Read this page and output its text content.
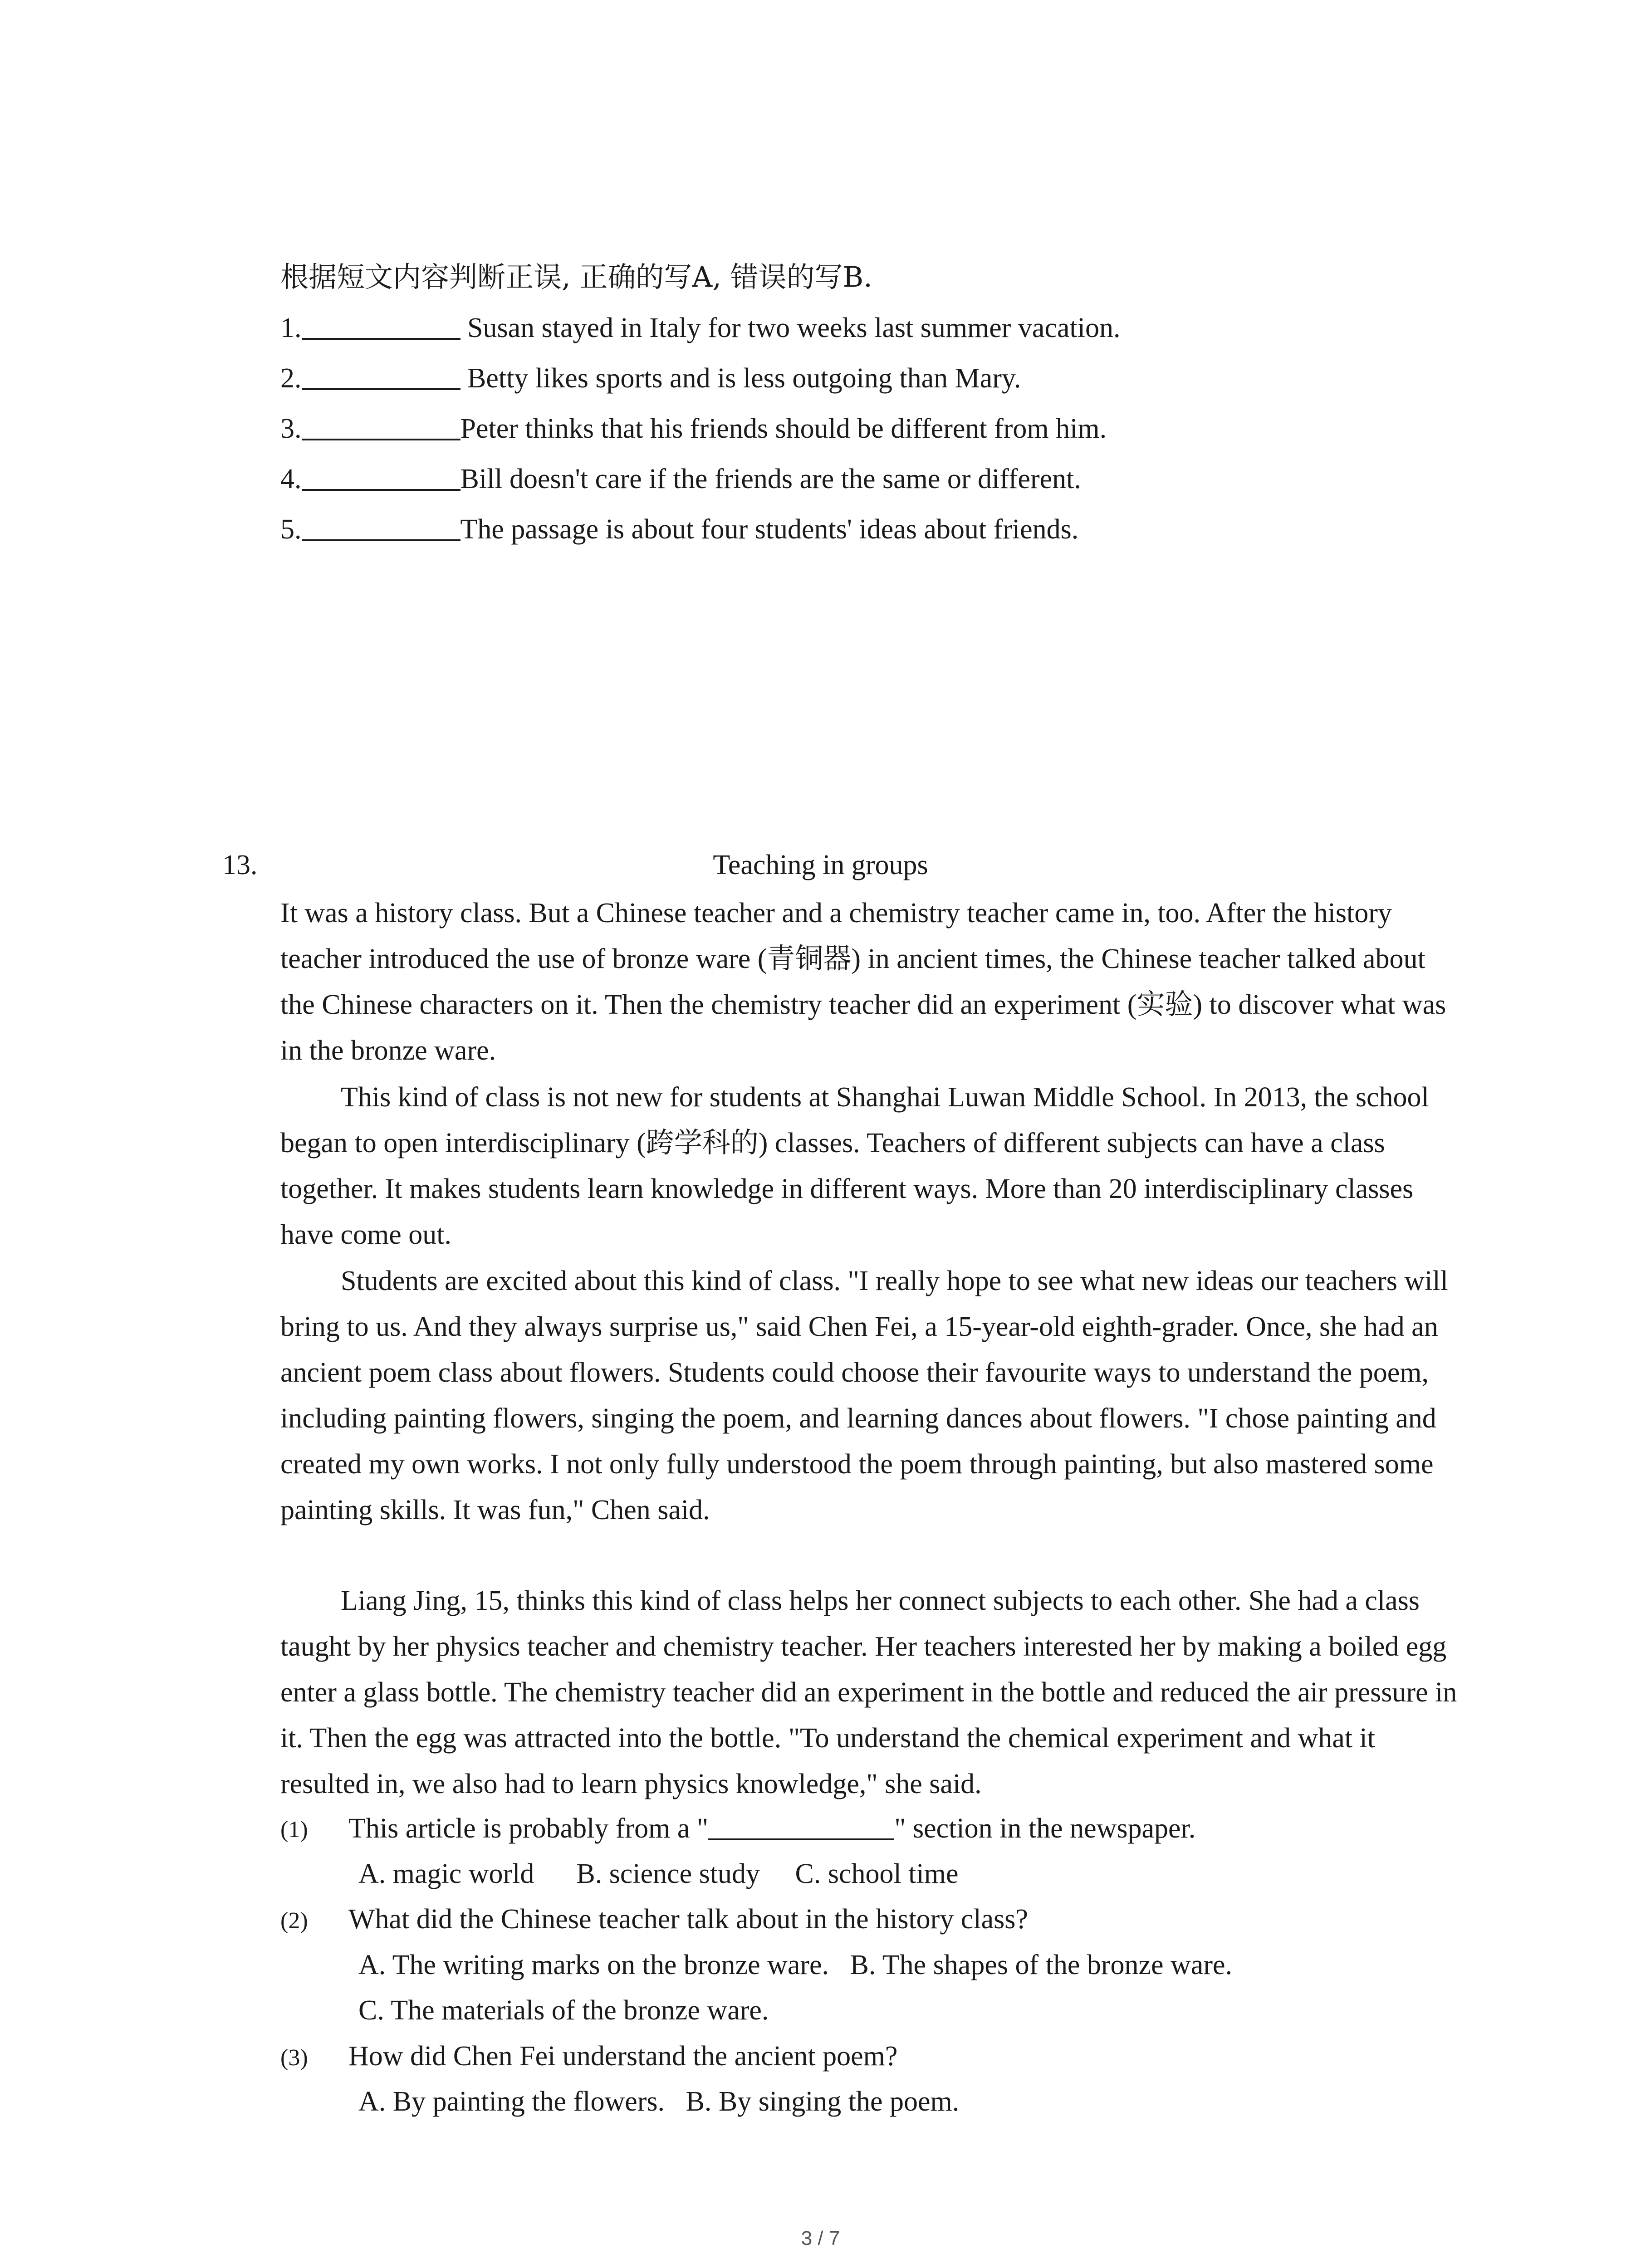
根据短文内容判断正误, 正确的写A, 错误的写B.
1.	Susan stayed in Italy for two weeks last summer vacation.
2.	Betty likes sports and is less outgoing than Mary.
3.	Peter thinks that his friends should be different from him.
4.	Bill doesn't care if the friends are the same or different.
5.	The passage is about four students' ideas about friends.
13.	Teaching in groups
It was a history class. But a Chinese teacher and a chemistry teacher came in, too. After the history teacher introduced the use of bronze ware (青铜器) in ancient times, the Chinese teacher talked about the Chinese characters on it. Then the chemistry teacher did an experiment (实验) to discover what was in the bronze ware.
This kind of class is not new for students at Shanghai Luwan Middle School. In 2013, the school began to open interdisciplinary (跨学科的) classes. Teachers of different subjects can have a class together. It makes students learn knowledge in different ways. More than 20 interdisciplinary classes have come out.
Students are excited about this kind of class. "I really hope to see what new ideas our teachers will bring to us. And they always surprise us," said Chen Fei, a 15-year-old eighth-grader. Once, she had an ancient poem class about flowers. Students could choose their favourite ways to understand the poem, including painting flowers, singing the poem, and learning dances about flowers. "I chose painting and created my own works. I not only fully understood the poem through painting, but also mastered some painting skills. It was fun," Chen said.
Liang Jing, 15, thinks this kind of class helps her connect subjects to each other. She had a class taught by her physics teacher and chemistry teacher. Her teachers interested her by making a boiled egg enter a glass bottle. The chemistry teacher did an experiment in the bottle and reduced the air pressure in it. Then the egg was attracted into the bottle. "To understand the chemical experiment and what it resulted in, we also had to learn physics knowledge," she said.
(1) This article is probably from a "	" section in the newspaper.
A. magic world      B. science study     C. school time
(2) What did the Chinese teacher talk about in the history class?
A. The writing marks on the bronze ware.   B. The shapes of the bronze ware.
C. The materials of the bronze ware.
(3) How did Chen Fei understand the ancient poem?
A. By painting the flowers.   B. By singing the poem.
3 / 7
